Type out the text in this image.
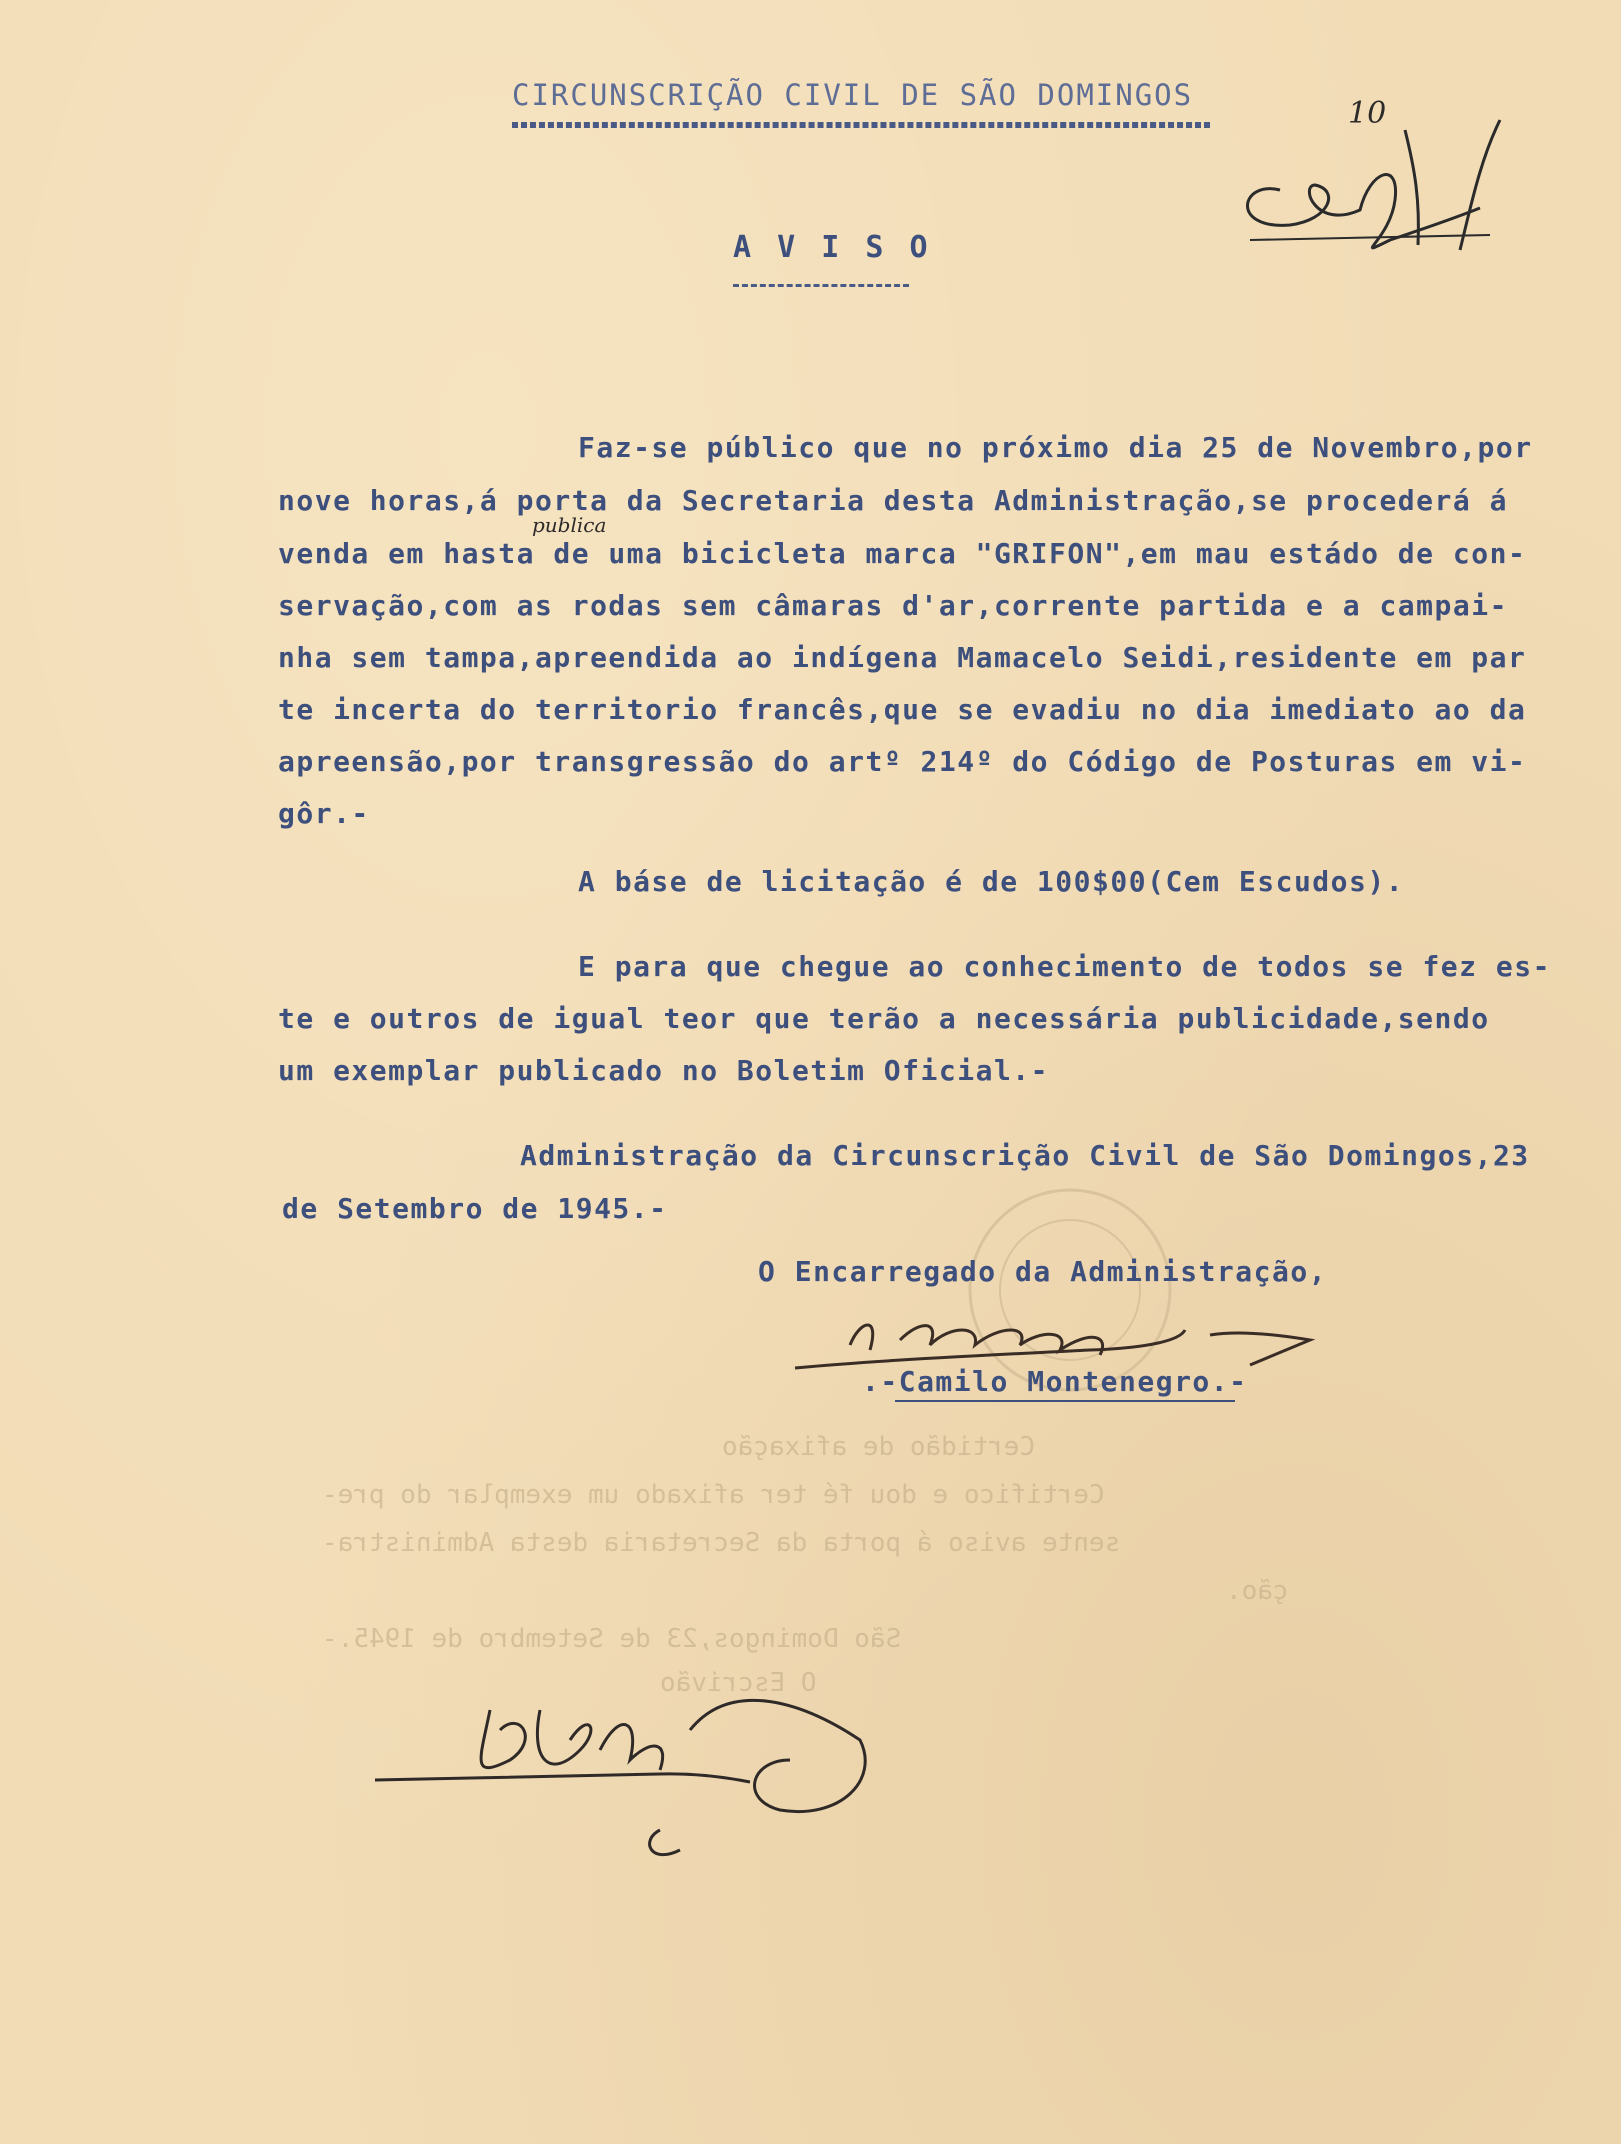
CIRCUNSCRIÇÃO CIVIL DE SÃO DOMINGOS
A V I S O
10
Faz-se público que no próximo dia 25 de Novembro,por
nove horas,á porta da Secretaria desta Administração,se procederá á
publica
venda em hasta de uma bicicleta marca "GRIFON",em mau estádo de con-
servação,com as rodas sem câmaras d'ar,corrente partida e a campai-
nha sem tampa,apreendida ao indígena Mamacelo Seidi,residente em par
te incerta do territorio francês,que se evadiu no dia imediato ao da
apreensão,por transgressão do artº 214º do Código de Posturas em vi-
gôr.-
A báse de licitação é de 100$00(Cem Escudos).
E para que chegue ao conhecimento de todos se fez es-
te e outros de igual teor que terão a necessária publicidade,sendo
um exemplar publicado no Boletim Oficial.-
Administração da Circunscrição Civil de São Domingos,23
de Setembro de 1945.-
O Encarregado da Administração,
.-Camilo Montenegro.-
Certidão de afixação
Certifico e dou fé ter afixado um exemplar do pre-
sente aviso á porta da Secretaria desta Administra-
ção.
São Domingos,23 de Setembro de 1945.-
O Escrivão
